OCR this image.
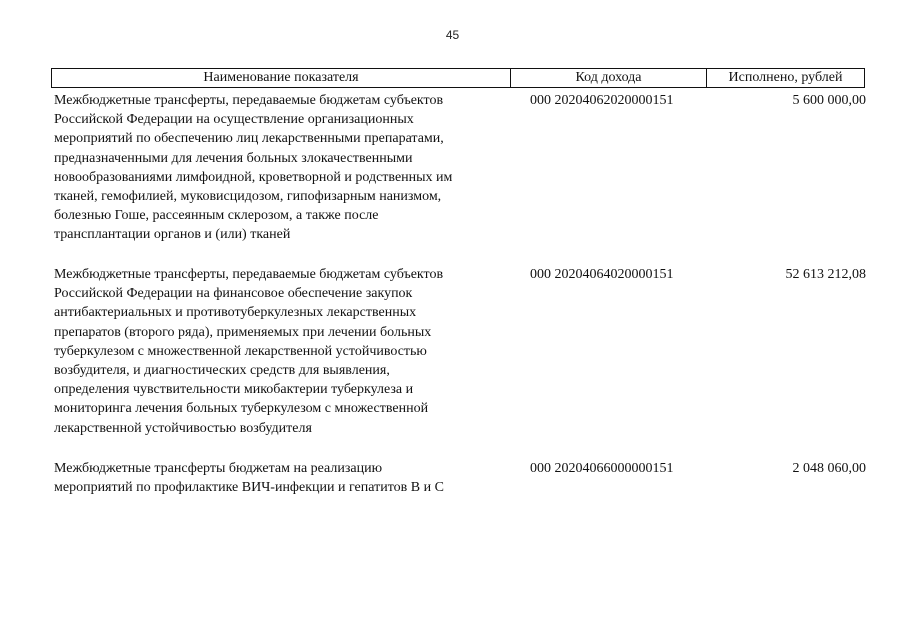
45
Наименование показателя	Код дохода	Исполнено, рублей
Межбюджетные трансферты, передаваемые бюджетам субъектов
Российской Федерации на осуществление организационных
мероприятий по обеспечению лиц лекарственными препаратами,
предназначенными для лечения больных злокачественными
новообразованиями лимфоидной, кроветворной и родственных им
тканей, гемофилией, муковисцидозом, гипофизарным нанизмом,
болезнью Гоше, рассеянным склерозом, а также после
трансплантации органов и (или) тканей
000 20204062020000151	5 600 000,00
Межбюджетные трансферты, передаваемые бюджетам субъектов
Российской Федерации на финансовое обеспечение закупок
антибактериальных и противотуберкулезных лекарственных
препаратов (второго ряда), применяемых при лечении больных
туберкулезом с множественной лекарственной устойчивостью
возбудителя, и диагностических средств для выявления,
определения чувствительности микобактерии туберкулеза и
мониторинга лечения больных туберкулезом с множественной
лекарственной устойчивостью возбудителя
000 20204064020000151	52 613 212,08
Межбюджетные трансферты бюджетам на реализацию
мероприятий по профилактике ВИЧ-инфекции и гепатитов В и С
000 20204066000000151	2 048 060,00
